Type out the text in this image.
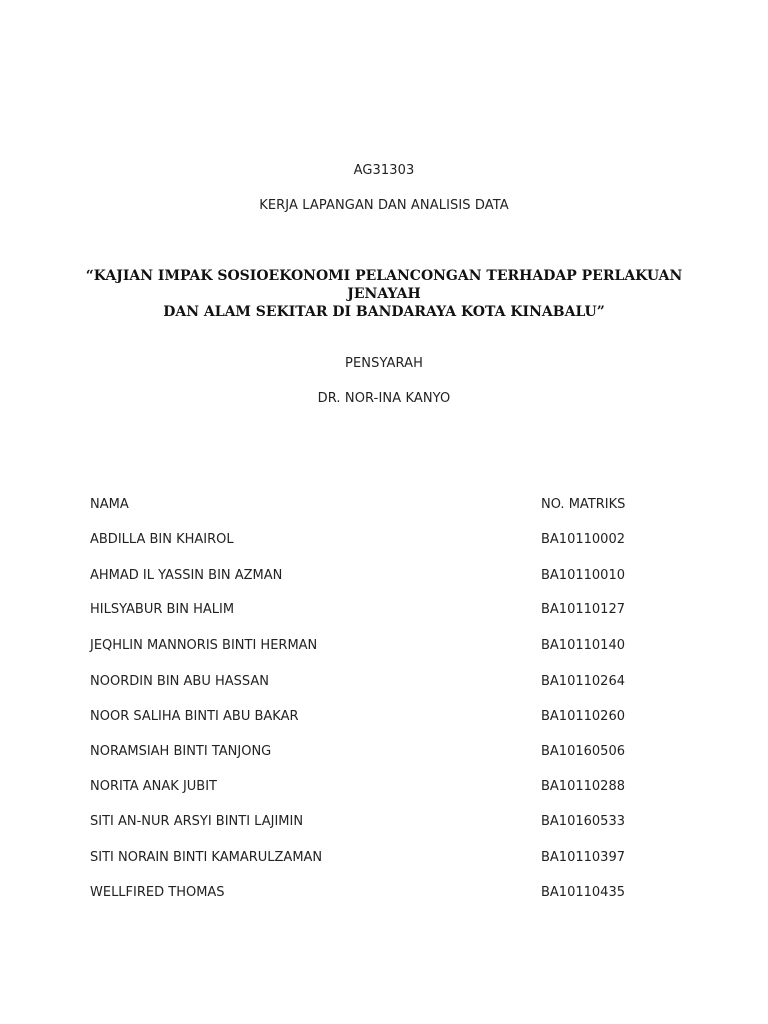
AG31303
KERJA LAPANGAN DAN ANALISIS DATA
“KAJIAN IMPAK SOSIOEKONOMI PELANCONGAN TERHADAP PERLAKUAN JENAYAH
DAN ALAM SEKITAR DI BANDARAYA KOTA KINABALU”
PENSYARAH
DR. NOR-INA KANYO
NAMA	NO. MATRIKS
ABDILLA BIN KHAIROL	BA10110002
AHMAD IL YASSIN BIN AZMAN	BA10110010
HILSYABUR BIN HALIM	BA10110127
JEQHLIN MANNORIS BINTI HERMAN	BA10110140
NOORDIN BIN ABU HASSAN	BA10110264
NOOR SALIHA BINTI ABU BAKAR	BA10110260
NORAMSIAH BINTI TANJONG	BA10160506
NORITA ANAK JUBIT	BA10110288
SITI AN-NUR ARSYI BINTI LAJIMIN	BA10160533
SITI NORAIN BINTI KAMARULZAMAN	BA10110397
WELLFIRED THOMAS	BA10110435
